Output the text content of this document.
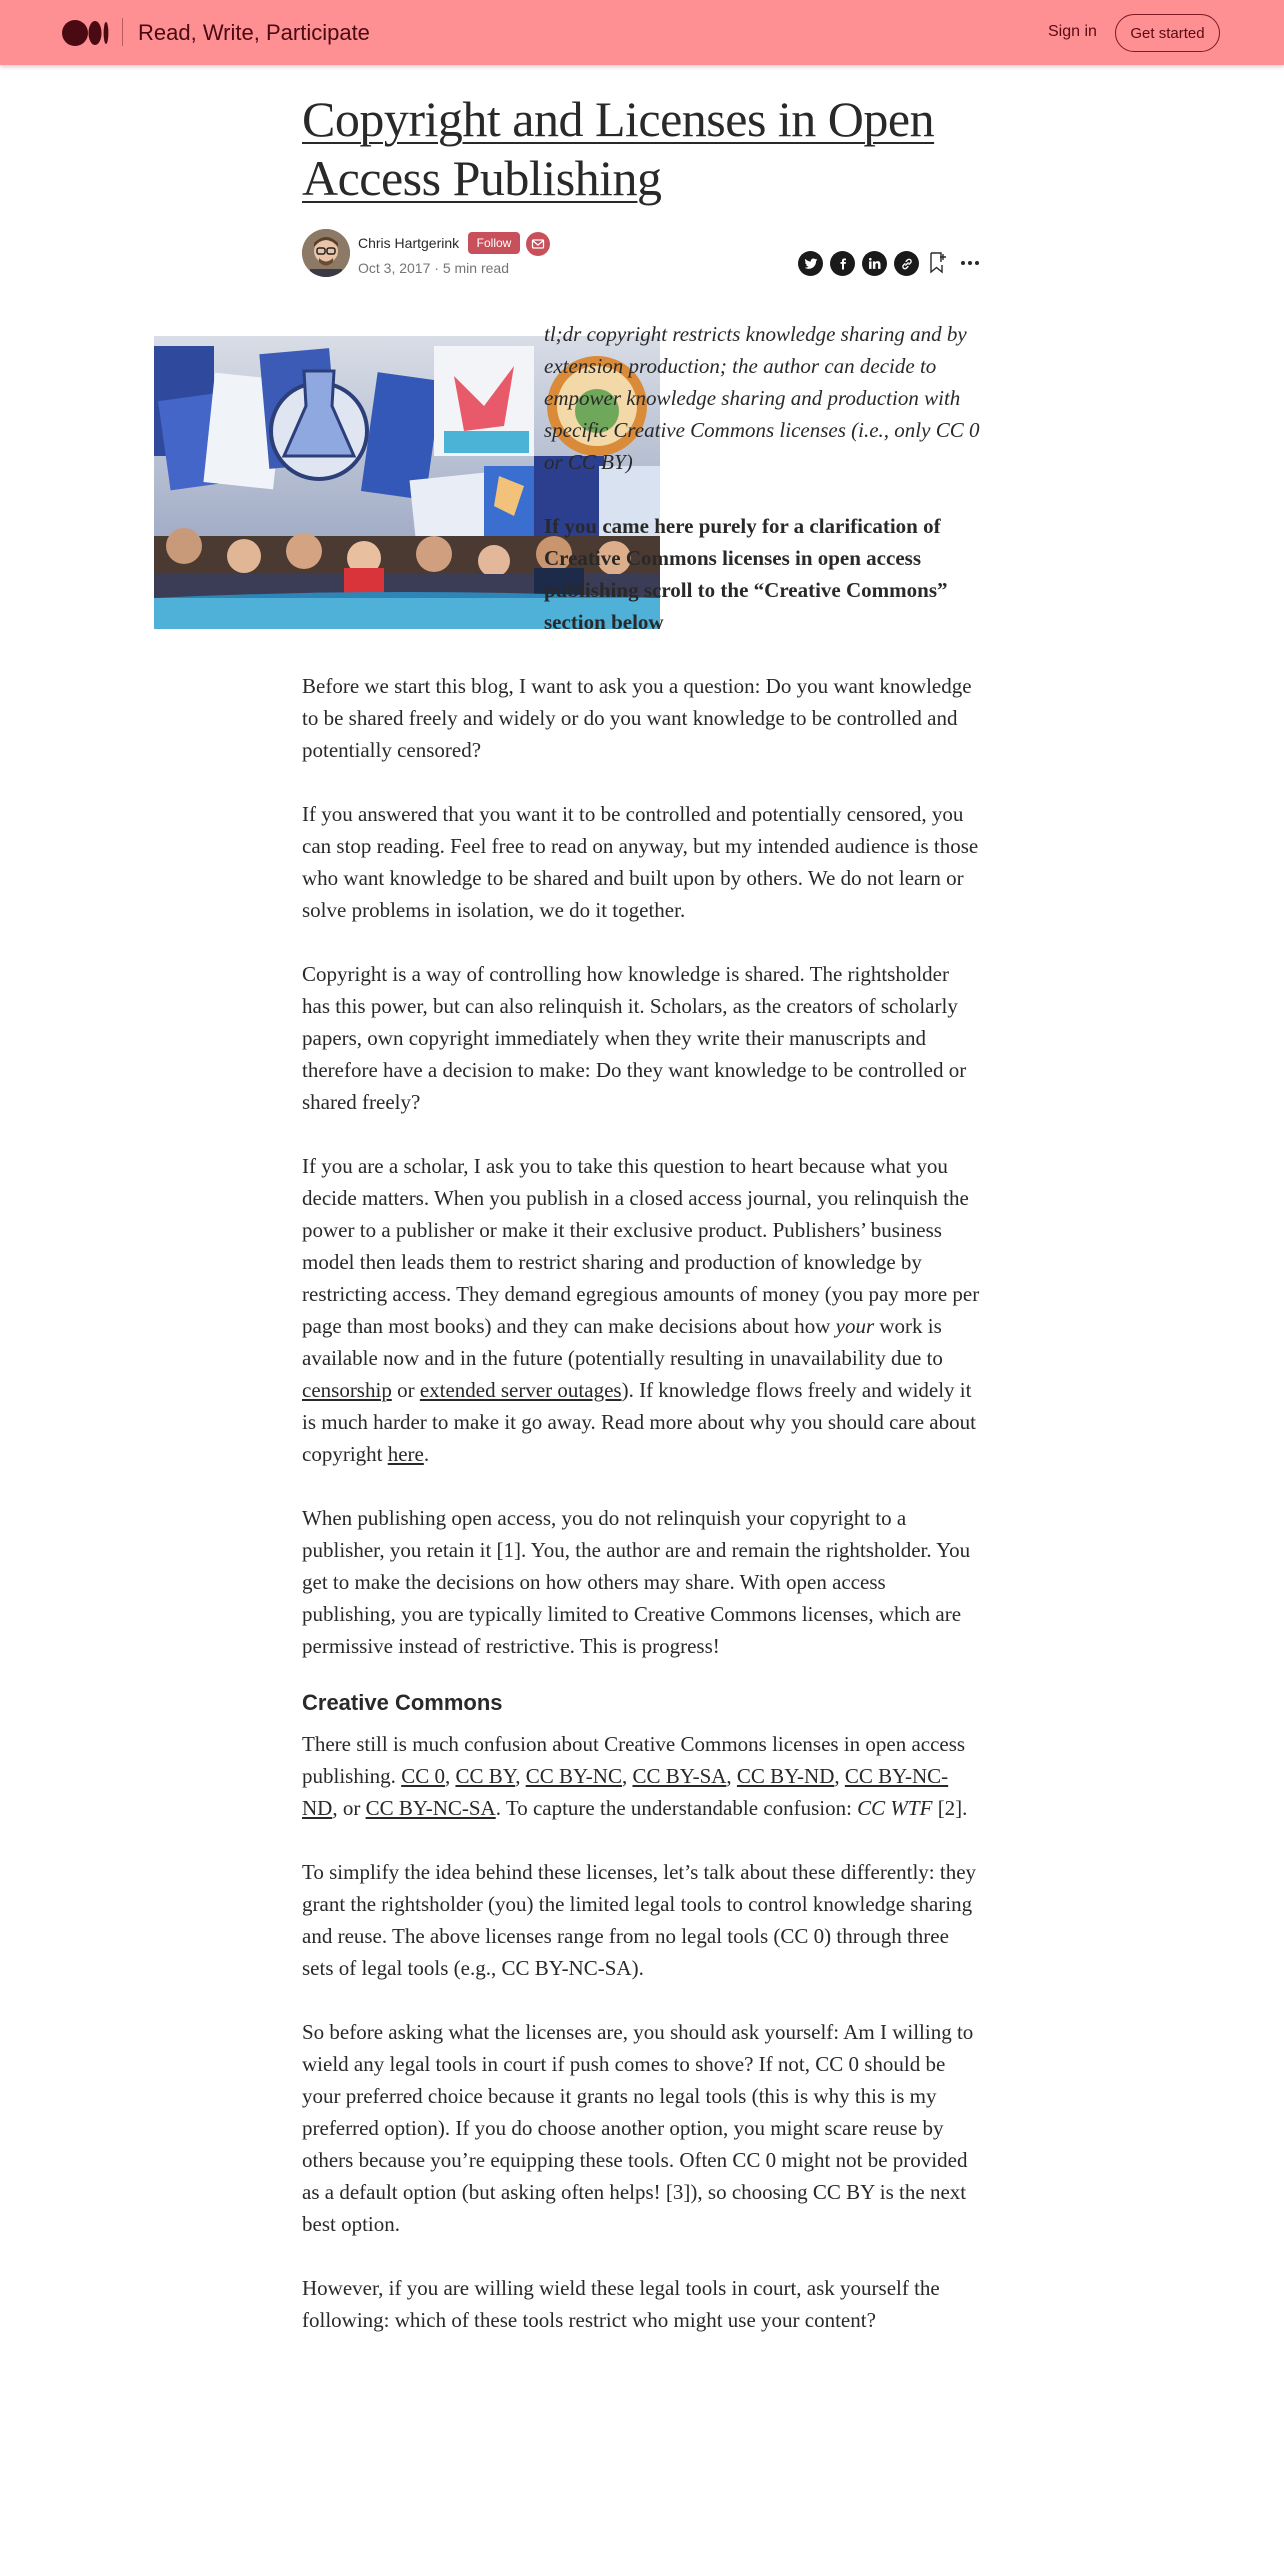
Read, Write, Participate	Sign in	Get started
Copyright and Licenses in Open Access Publishing
Chris Hartgerink	Follow
Oct 3, 2017 · 5 min read

tl;dr copyright restricts knowledge sharing and by extension production; the author can decide to empower knowledge sharing and production with specific Creative Commons licenses (i.e., only CC 0 or CC BY)

If you came here purely for a clarification of Creative Commons licenses in open access publishing scroll to the “Creative Commons” section below

Before we start this blog, I want to ask you a question: Do you want knowledge to be shared freely and widely or do you want knowledge to be controlled and potentially censored?

If you answered that you want it to be controlled and potentially censored, you can stop reading. Feel free to read on anyway, but my intended audience is those who want knowledge to be shared and built upon by others. We do not learn or solve problems in isolation, we do it together.

Copyright is a way of controlling how knowledge is shared. The rightsholder has this power, but can also relinquish it. Scholars, as the creators of scholarly papers, own copyright immediately when they write their manuscripts and therefore have a decision to make: Do they want knowledge to be controlled or shared freely?

If you are a scholar, I ask you to take this question to heart because what you decide matters. When you publish in a closed access journal, you relinquish the power to a publisher or make it their exclusive product. Publishers’ business model then leads them to restrict sharing and production of knowledge by restricting access. They demand egregious amounts of money (you pay more per page than most books) and they can make decisions about how your work is available now and in the future (potentially resulting in unavailability due to censorship or extended server outages). If knowledge flows freely and widely it is much harder to make it go away. Read more about why you should care about copyright here.

When publishing open access, you do not relinquish your copyright to a publisher, you retain it [1]. You, the author are and remain the rightsholder. You get to make the decisions on how others may share. With open access publishing, you are typically limited to Creative Commons licenses, which are permissive instead of restrictive. This is progress!

Creative Commons

There still is much confusion about Creative Commons licenses in open access publishing. CC 0, CC BY, CC BY-NC, CC BY-SA, CC BY-ND, CC BY-NC-ND, or CC BY-NC-SA. To capture the understandable confusion: CC WTF [2].

To simplify the idea behind these licenses, let’s talk about these differently: they grant the rightsholder (you) the limited legal tools to control knowledge sharing and reuse. The above licenses range from no legal tools (CC 0) through three sets of legal tools (e.g., CC BY-NC-SA).

So before asking what the licenses are, you should ask yourself: Am I willing to wield any legal tools in court if push comes to shove? If not, CC 0 should be your preferred choice because it grants no legal tools (this is why this is my preferred option). If you do choose another option, you might scare reuse by others because you’re equipping these tools. Often CC 0 might not be provided as a default option (but asking often helps! [3]), so choosing CC BY is the next best option.

However, if you are willing wield these legal tools in court, ask yourself the following: which of these tools restrict who might use your content?
